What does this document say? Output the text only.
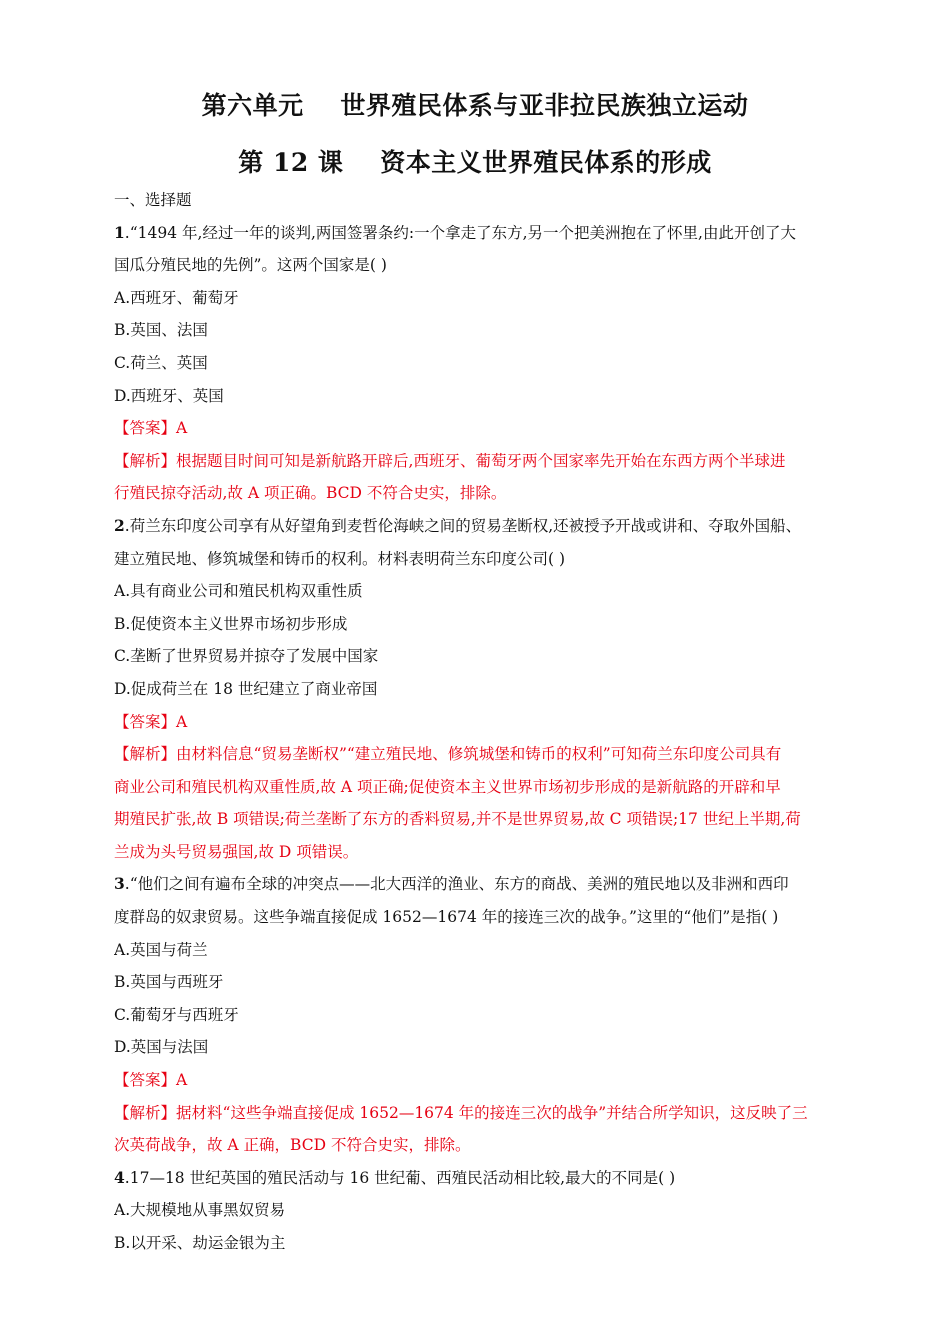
第六单元    世界殖民体系与亚非拉民族独立运动
第 12 课    资本主义世界殖民体系的形成
一、选择题
1.“1494 年,经过一年的谈判,两国签署条约:一个拿走了东方,另一个把美洲抱在了怀里,由此开创了大
国瓜分殖民地的先例”。这两个国家是( )
A.西班牙、葡萄牙
B.英国、法国
C.荷兰、英国
D.西班牙、英国
【答案】A
【解析】根据题目时间可知是新航路开辟后,西班牙、葡萄牙两个国家率先开始在东西方两个半球进
行殖民掠夺活动,故 A 项正确。BCD 不符合史实，排除。
2.荷兰东印度公司享有从好望角到麦哲伦海峡之间的贸易垄断权,还被授予开战或讲和、夺取外国船、
建立殖民地、修筑城堡和铸币的权利。材料表明荷兰东印度公司( )
A.具有商业公司和殖民机构双重性质
B.促使资本主义世界市场初步形成
C.垄断了世界贸易并掠夺了发展中国家
D.促成荷兰在 18 世纪建立了商业帝国
【答案】A
【解析】由材料信息“贸易垄断权”“建立殖民地、修筑城堡和铸币的权利”可知荷兰东印度公司具有
商业公司和殖民机构双重性质,故 A 项正确;促使资本主义世界市场初步形成的是新航路的开辟和早
期殖民扩张,故 B 项错误;荷兰垄断了东方的香料贸易,并不是世界贸易,故 C 项错误;17 世纪上半期,荷
兰成为头号贸易强国,故 D 项错误。
3.“他们之间有遍布全球的冲突点——北大西洋的渔业、东方的商战、美洲的殖民地以及非洲和西印
度群岛的奴隶贸易。这些争端直接促成 1652—1674 年的接连三次的战争。”这里的“他们”是指( )
A.英国与荷兰
B.英国与西班牙
C.葡萄牙与西班牙
D.英国与法国
【答案】A
【解析】据材料“这些争端直接促成 1652—1674 年的接连三次的战争”并结合所学知识，这反映了三
次英荷战争，故 A 正确，BCD 不符合史实，排除。
4.17—18 世纪英国的殖民活动与 16 世纪葡、西殖民活动相比较,最大的不同是( )
A.大规模地从事黑奴贸易
B.以开采、劫运金银为主
